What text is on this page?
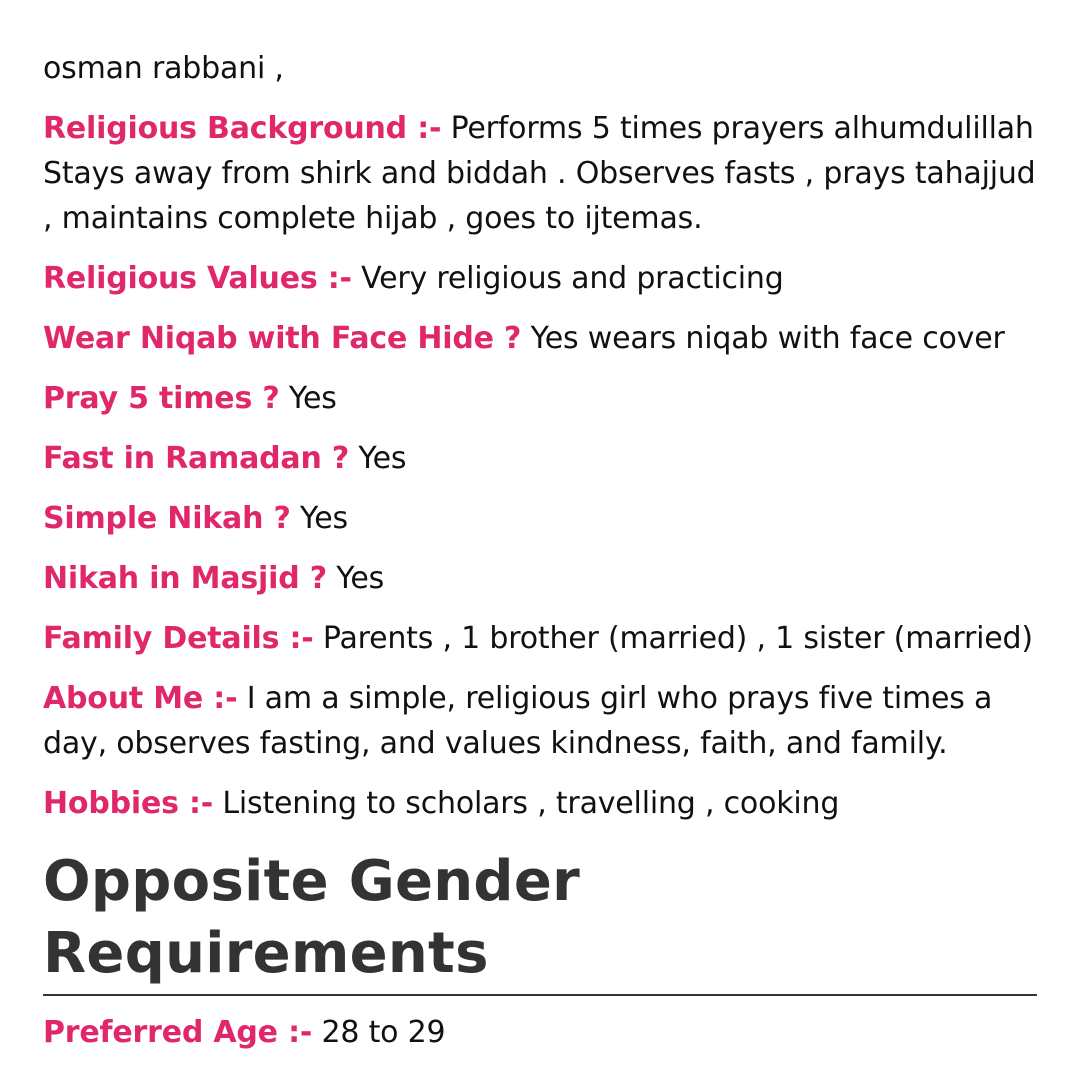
osman rabbani ,

Religious Background :- Performs 5 times prayers alhumdulillah Stays away from shirk and biddah . Observes fasts , prays tahajjud , maintains complete hijab , goes to ijtemas.

Religious Values :- Very religious and practicing

Wear Niqab with Face Hide ? Yes wears niqab with face cover

Pray 5 times ? Yes

Fast in Ramadan ? Yes

Simple Nikah ? Yes

Nikah in Masjid ? Yes

Family Details :- Parents , 1 brother (married) , 1 sister (married)

About Me :- I am a simple, religious girl who prays five times a day, observes fasting, and values kindness, faith, and family.

Hobbies :- Listening to scholars , travelling , cooking

Opposite Gender Requirements

Preferred Age :- 28 to 29
